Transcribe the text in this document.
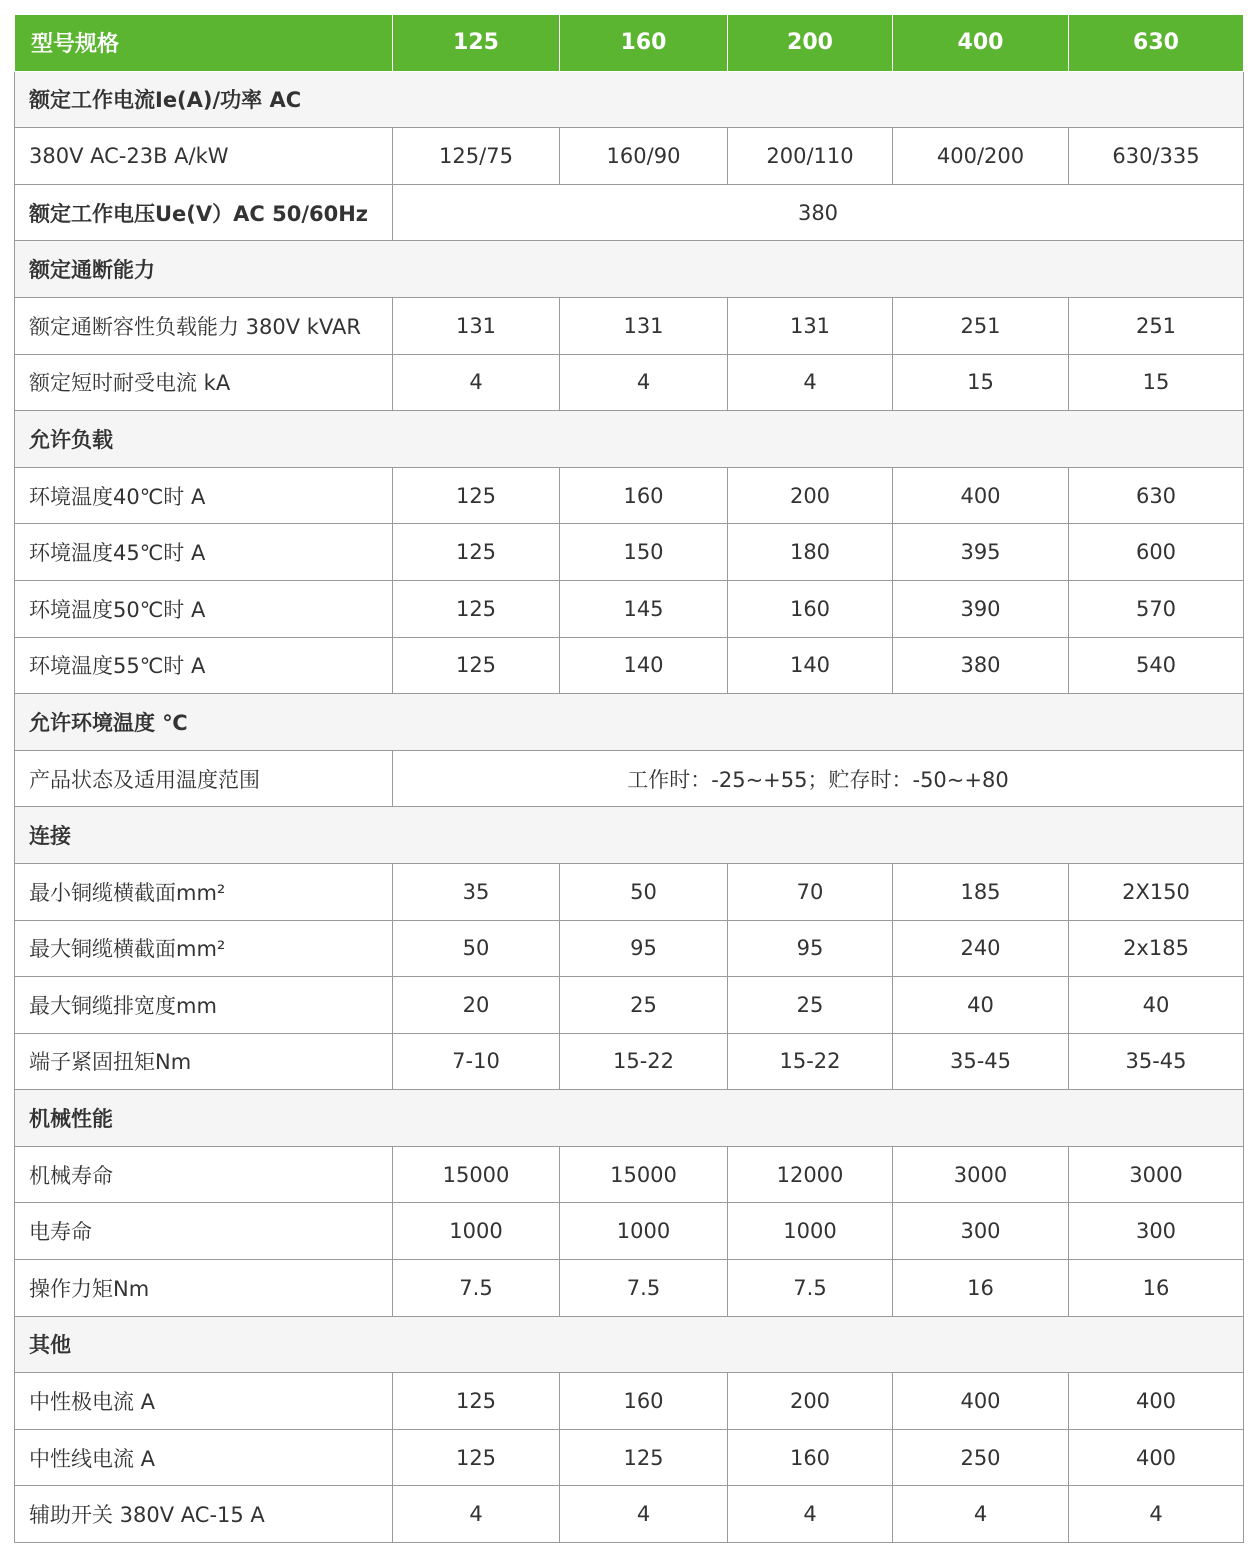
型号规格	125	160	200	400	630
额定工作电流Ie(A)/功率 AC					
380V AC-23B A/kW	125/75	160/90	200/110	400/200	630/335
额定工作电压Ue(V）AC 50/60Hz	380				
额定通断能力					
额定通断容性负载能力 380V kVAR	131	131	131	251	251
额定短时耐受电流 kA	4	4	4	15	15
允许负载					
环境温度40℃时 A	125	160	200	400	630
环境温度45℃时 A	125	150	180	395	600
环境温度50℃时 A	125	145	160	390	570
环境温度55℃时 A	125	140	140	380	540
允许环境温度 ℃					
产品状态及适用温度范围	工作时：-25~+55；贮存时：-50~+80				
连接					
最小铜缆横截面mm²	35	50	70	185	2X150
最大铜缆横截面mm²	50	95	95	240	2x185
最大铜缆排宽度mm	20	25	25	40	40
端子紧固扭矩Nm	7-10	15-22	15-22	35-45	35-45
机械性能					
机械寿命	15000	15000	12000	3000	3000
电寿命	1000	1000	1000	300	300
操作力矩Nm	7.5	7.5	7.5	16	16
其他					
中性极电流 A	125	160	200	400	400
中性线电流 A	125	125	160	250	400
辅助开关 380V AC-15 A	4	4	4	4	4
